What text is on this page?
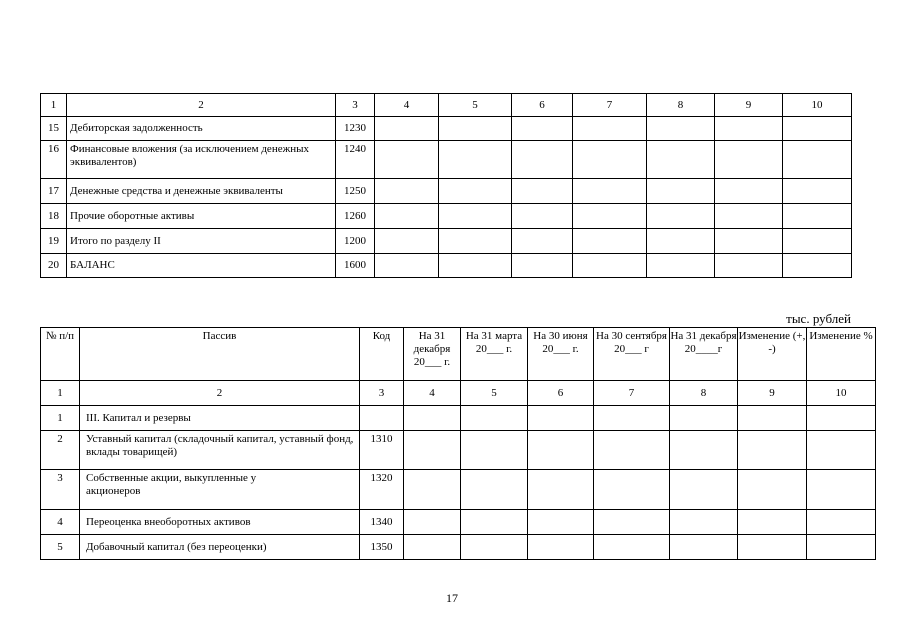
1	2	3	4	5	6	7	8	9	10
15	Дебиторская задолженность	1230							
16	Финансовые вложения (за исключением денежных эквивалентов)	1240							
17	Денежные средства и денежные эквиваленты	1250							
18	Прочие оборотные активы	1260							
19	Итого по разделу II	1200							
20	БАЛАНС	1600							
тыс. рублей
№ п/п	Пассив	Код	На 31 декабря 20___ г.	На 31 марта 20___ г.	На 30 июня 20___ г.	На 30 сентября 20___ г	На 31 декабря 20____г	Изменение (+, -)	Изменение %
1	2	3	4	5	6	7	8	9	10
1	III. Капитал и резервы								
2	Уставный капитал (складочный капитал, уставный фонд, вклады товарищей)	1310							
3	Собственные акции, выкупленные у акционеров	1320							
4	Переоценка внеоборотных активов	1340							
5	Добавочный капитал (без переоценки)	1350							
17
